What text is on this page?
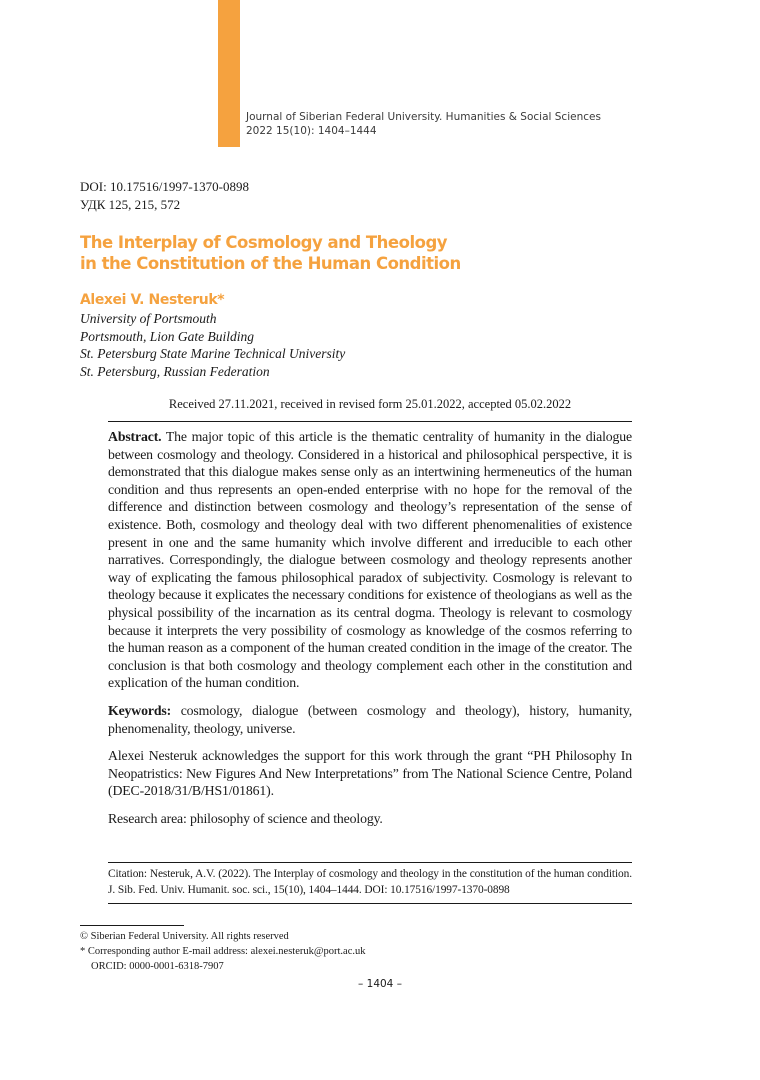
Journal of Siberian Federal University. Humanities & Social Sciences
2022 15(10): 1404–1444
DOI: 10.17516/1997-1370-0898
УДК 125, 215, 572
The Interplay of Cosmology and Theology
in the Constitution of the Human Condition
Alexei V. Nesteruk*
University of Portsmouth
Portsmouth, Lion Gate Building
St. Petersburg State Marine Technical University
St. Petersburg, Russian Federation
Received 27.11.2021, received in revised form 25.01.2022, accepted 05.02.2022

Abstract. The major topic of this article is the thematic centrality of humanity in the dialogue between cosmology and theology. Considered in a historical and philosophical perspective, it is demonstrated that this dialogue makes sense only as an intertwining hermeneutics of the human condition and thus represents an open-ended enterprise with no hope for the removal of the difference and distinction between cosmology and theology’s representation of the sense of existence. Both, cosmology and theology deal with two different phenomenalities of existence present in one and the same humanity which involve different and irreducible to each other narratives. Correspondingly, the dialogue between cosmology and theology represents another way of explicating the famous philosophical paradox of subjectivity. Cosmology is relevant to theology because it explicates the necessary conditions for existence of theologians as well as the physical possibility of the incarnation as its central dogma. Theology is relevant to cosmology because it interprets the very possibility of cosmology as knowledge of the cosmos referring to the human reason as a component of the human created condition in the image of the creator. The conclusion is that both cosmology and theology complement each other in the constitution and explication of the human condition.

Keywords: cosmology, dialogue (between cosmology and theology), history, humanity, phenomenality, theology, universe.

Alexei Nesteruk acknowledges the support for this work through the grant “PH Philosophy In Neopatristics: New Figures And New Interpretations” from The National Science Centre, Poland (DEC-2018/31/B/HS1/01861).

Research area: philosophy of science and theology.

Citation: Nesteruk, A.V. (2022). The Interplay of cosmology and theology in the constitution of the human condition. J. Sib. Fed. Univ. Humanit. soc. sci., 15(10), 1404–1444. DOI: 10.17516/1997-1370-0898
© Siberian Federal University. All rights reserved
* Corresponding author E-mail address: alexei.nesteruk@port.ac.uk
ORCID: 0000-0001-6318-7907
– 1404 –
